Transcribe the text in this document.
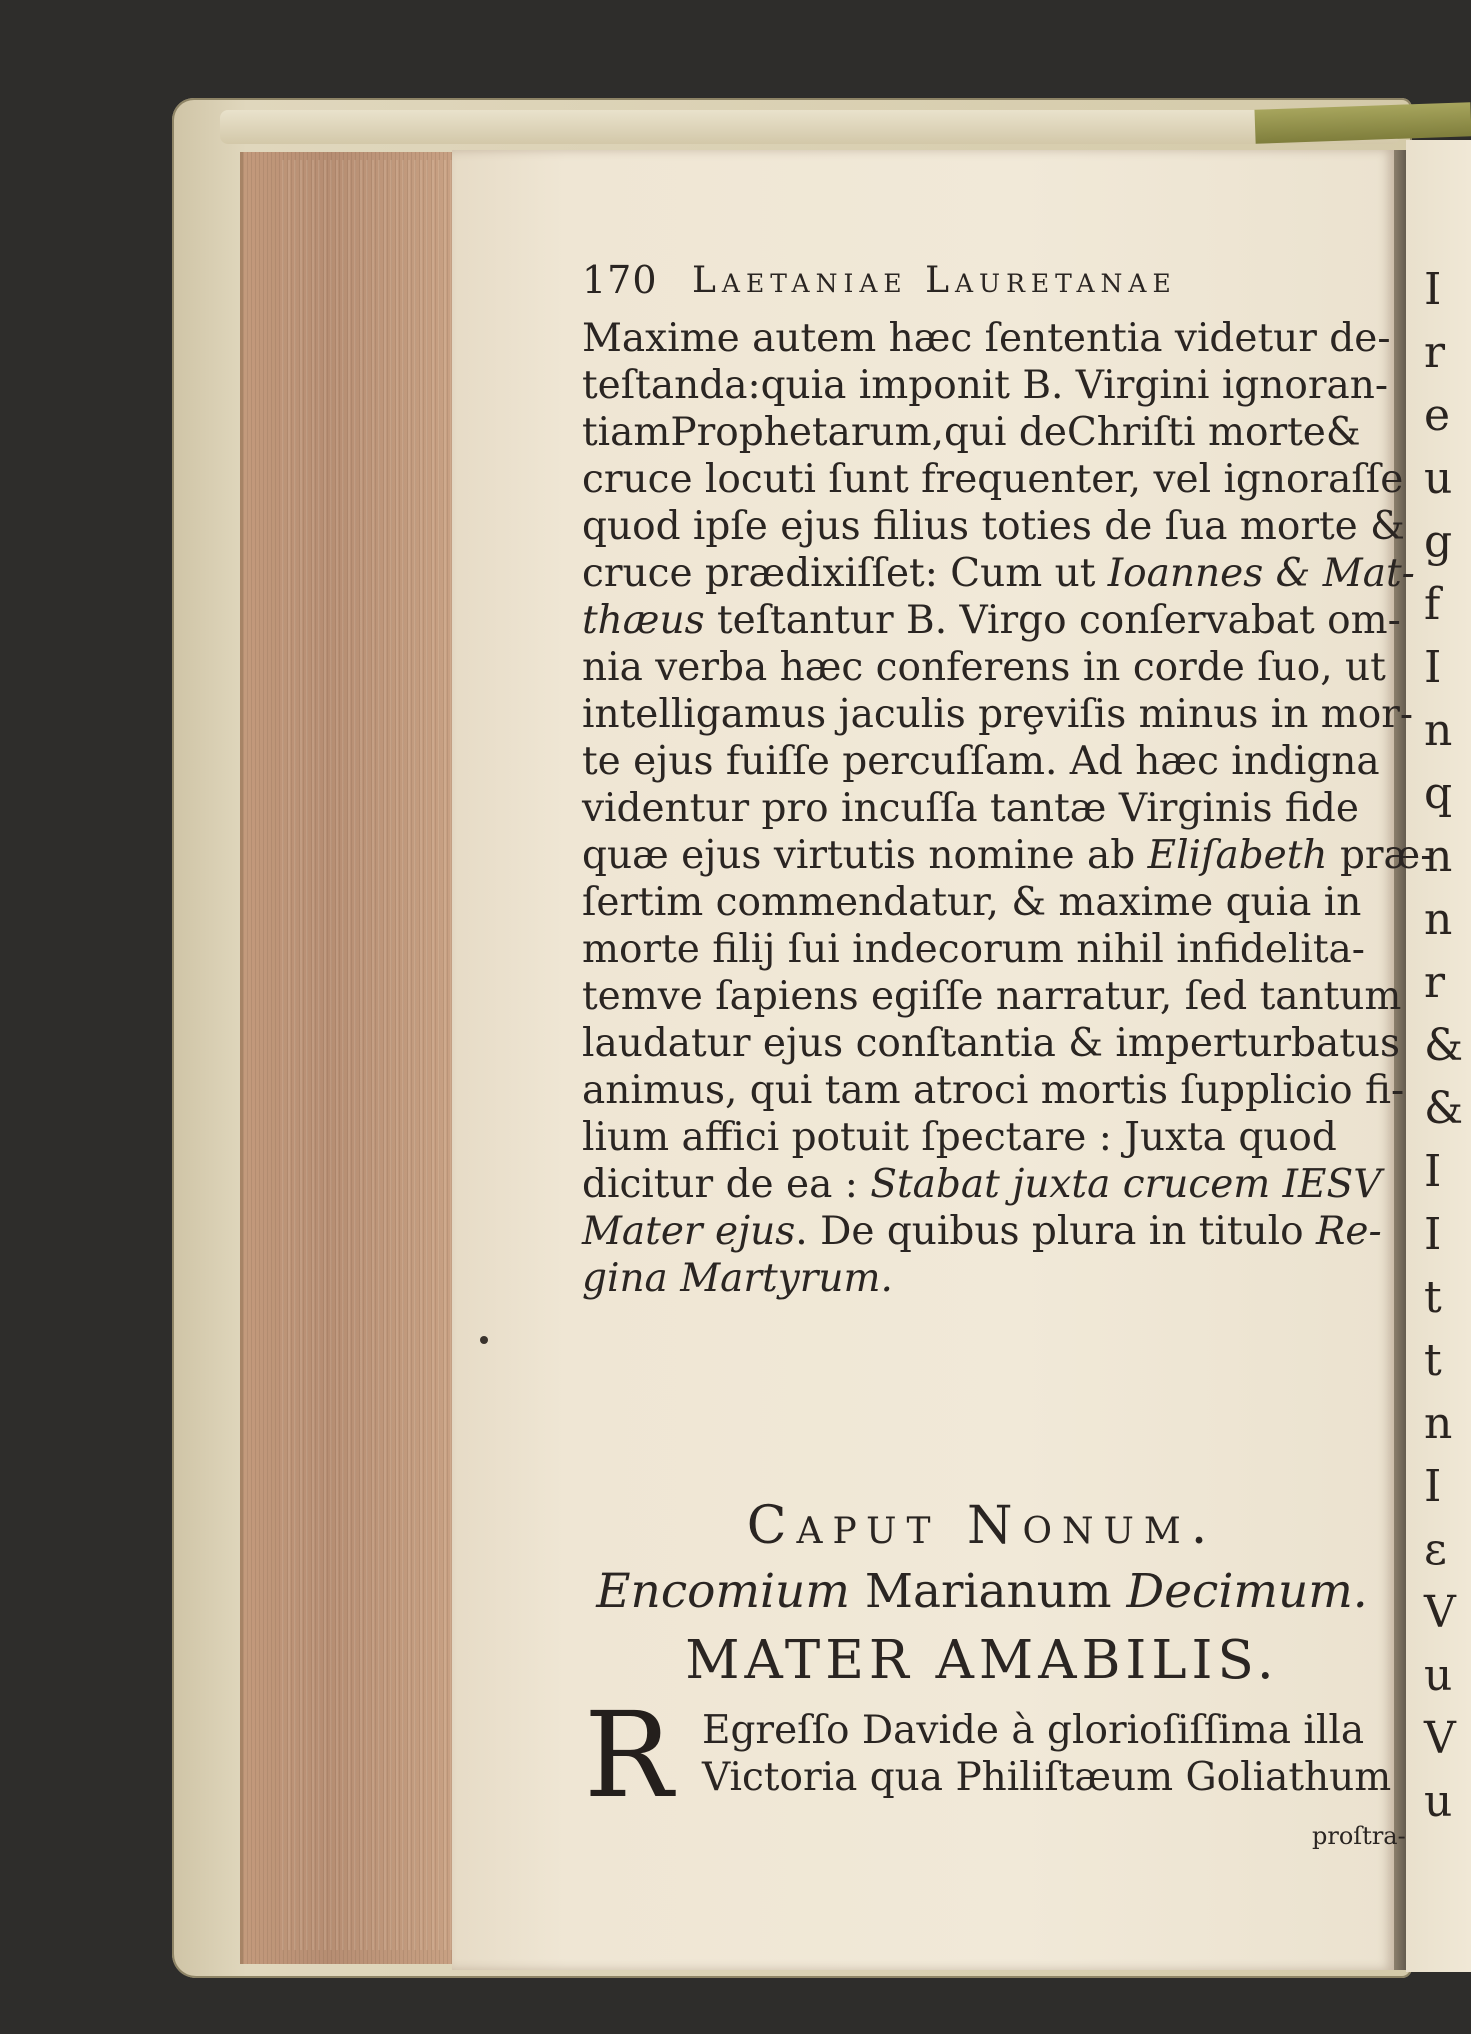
I
r
e
u
g
f
I
n
q
n
n
r
&
&
I
I
t
t
n
I
ε
V
u
V
u
170 Laetaniae Lauretanae
Maxime autem hæc ſententia videtur de-
teſtanda:quia imponit B. Virgini ignoran-
tiamProphetarum,qui deChriſti morte&
cruce locuti ſunt frequenter, vel ignoraſſe
quod ipſe ejus filius toties de ſua morte &
cruce prædixiſſet: Cum ut Ioannes & Mat-
thæus teſtantur B. Virgo conſervabat om-
nia verba hæc conferens in corde ſuo, ut
intelligamus jaculis prȩviſis minus in mor-
te ejus fuiſſe percuſſam. Ad hæc indigna
videntur pro incuſſa tantæ Virginis fide
quæ ejus virtutis nomine ab Eliſabeth præ-
ſertim commendatur, & maxime quia in
morte filij ſui indecorum nihil infidelita-
temve ſapiens egiſſe narratur, ſed tantum
laudatur ejus conſtantia & imperturbatus
animus, qui tam atroci mortis ſupplicio fi-
lium affici potuit ſpectare : Juxta quod
dicitur de ea : Stabat juxta crucem IESV
Mater ejus. De quibus plura in titulo Re-
gina Martyrum.
Caput Nonum.
Encomium Marianum Decimum.
MATER AMABILIS.
R Egreſſo Davide à glorioſiſſima illa
Victoria qua Philiſtæum Goliathum
proſtra-
